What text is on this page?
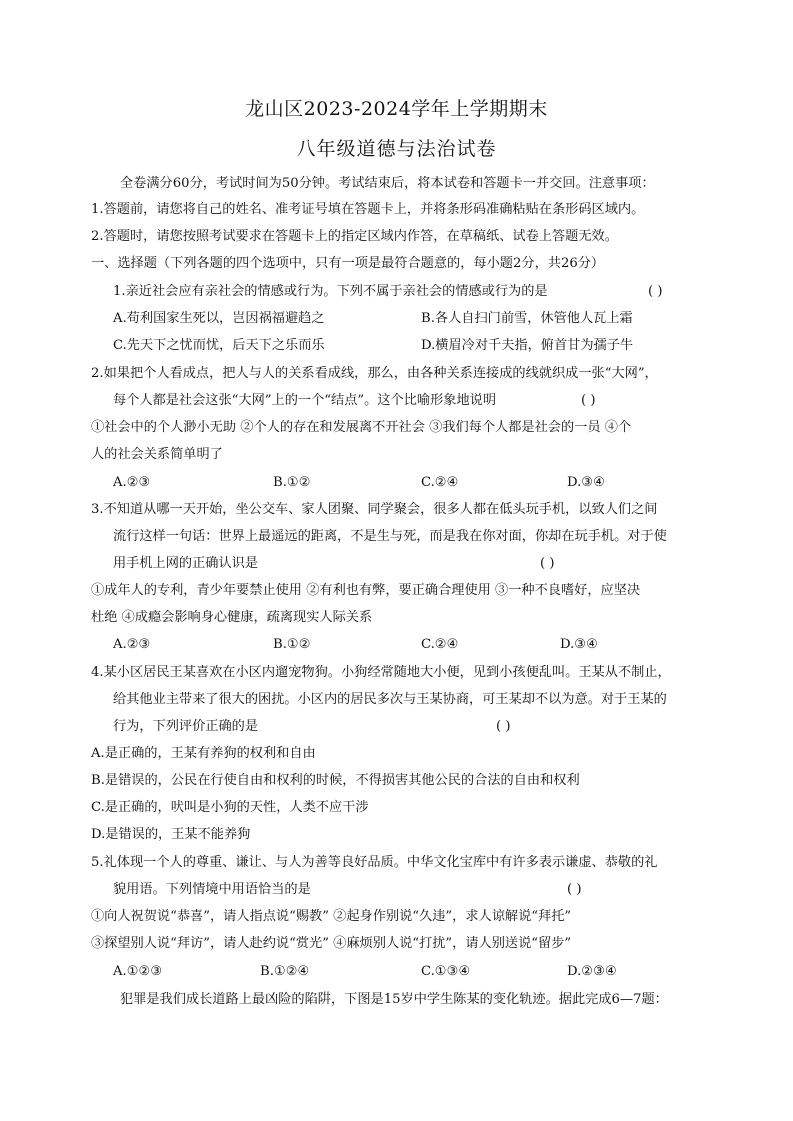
龙山区2023-2024学年上学期期末
八年级道德与法治试卷
全卷满分60分，考试时间为50分钟。考试结束后，将本试卷和答题卡一并交回。注意事项：
1.答题前，请您将自己的姓名、准考证号填在答题卡上，并将条形码准确粘贴在条形码区域内。
2.答题时，请您按照考试要求在答题卡上的指定区域内作答，在草稿纸、试卷上答题无效。
一、选择题（下列各题的四个选项中，只有一项是最符合题意的，每小题2分，共26分）
1.亲近社会应有亲社会的情感或行为。下列不属于亲社会的情感或行为的是	( )
A.苟利国家生死以，岂因祸福避趋之	B.各人自扫门前雪，休管他人瓦上霜
C.先天下之忧而忧，后天下之乐而乐	D.横眉冷对千夫指，俯首甘为孺子牛
2.如果把个人看成点，把人与人的关系看成线，那么，由各种关系连接成的线就织成一张“大网”，
每个人都是社会这张“大网”上的一个“结点”。这个比喻形象地说明	( )
①社会中的个人渺小无助 ②个人的存在和发展离不开社会 ③我们每个人都是社会的一员 ④个
人的社会关系简单明了
A.②③	B.①②	C.②④	D.③④
3.不知道从哪一天开始，坐公交车、家人团聚、同学聚会，很多人都在低头玩手机，以致人们之间
流行这样一句话：世界上最遥远的距离，不是生与死，而是我在你对面，你却在玩手机。对于使
用手机上网的正确认识是	( )
①成年人的专利，青少年要禁止使用 ②有利也有弊，要正确合理使用 ③一种不良嗜好，应坚决
杜绝 ④成瘾会影响身心健康，疏离现实人际关系
A.②③	B.①②	C.②④	D.③④
4.某小区居民王某喜欢在小区内遛宠物狗。小狗经常随地大小便，见到小孩便乱叫。王某从不制止，
给其他业主带来了很大的困扰。小区内的居民多次与王某协商，可王某却不以为意。对于王某的
行为，下列评价正确的是	( )
A.是正确的，王某有养狗的权利和自由
B.是错误的，公民在行使自由和权利的时候，不得损害其他公民的合法的自由和权利
C.是正确的，吠叫是小狗的天性，人类不应干涉
D.是错误的，王某不能养狗
5.礼体现一个人的尊重、谦让、与人为善等良好品质。中华文化宝库中有许多表示谦虚、恭敬的礼
貌用语。下列情境中用语恰当的是	( )
①向人祝贺说“恭喜”，请人指点说“赐教” ②起身作别说“久违”，求人谅解说“拜托”
③探望别人说“拜访”，请人赴约说“赏光” ④麻烦别人说“打扰”，请人别送说“留步”
A.①②③	B.①②④	C.①③④	D.②③④
犯罪是我们成长道路上最凶险的陷阱，下图是15岁中学生陈某的变化轨迹。据此完成6—7题：
